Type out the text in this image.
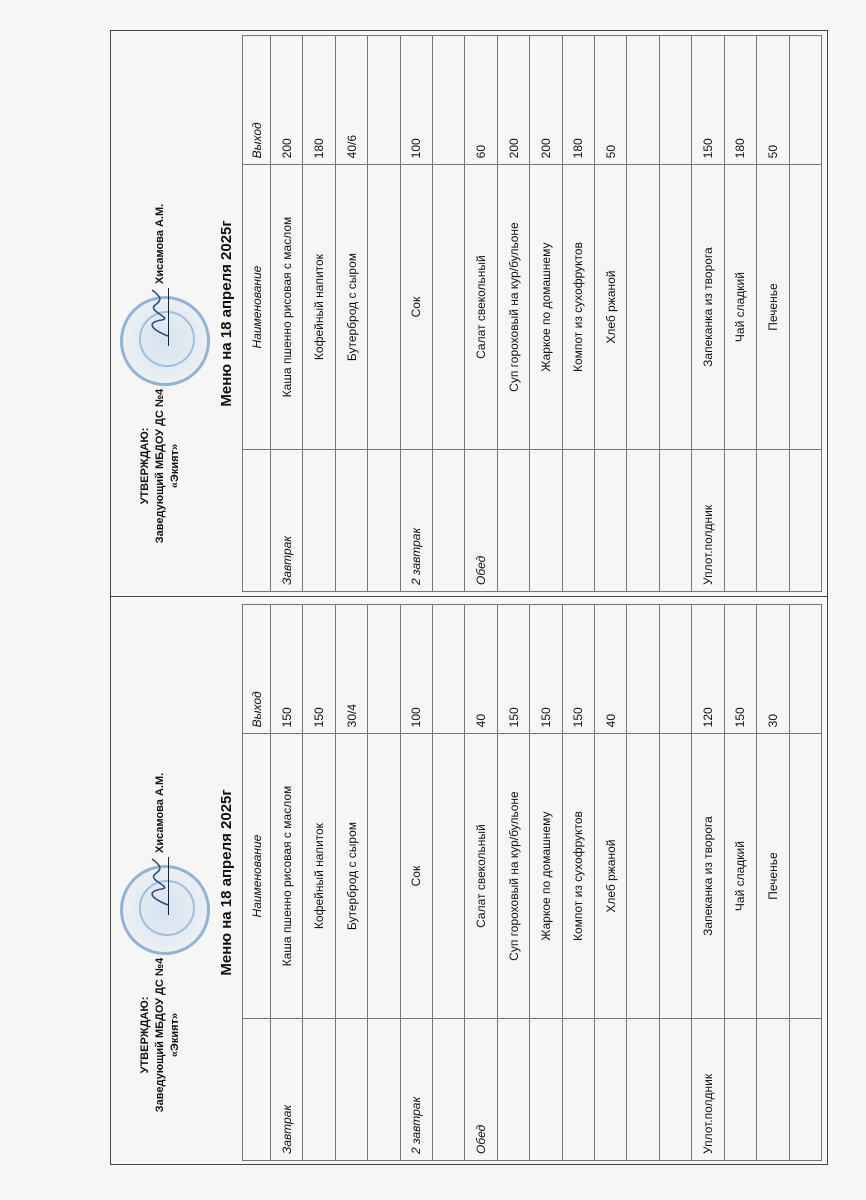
УТВЕРЖДАЮ: Заведующий МБДОУ ДС №4 «Экият»
Хисамова А.М.	Меню на 18 апреля 2025г
	Наименование	Выход
Завтрак	Каша пшенно рисовая с маслом	200
	Кофейный напиток	180
	Бутерброд с сыром	40/6

2 завтрак	Сок	100

Обед	Салат свекольный	60
	Суп гороховый на кур/бульоне	200
	Жаркое по домашнему	200
	Компот из сухофруктов	180
	Хлеб ржаной	50

Уплот.полдник	Запеканка из творога	150
	Чай сладкий	180
	Печенье	50

УТВЕРЖДАЮ: Заведующий МБДОУ ДС №4 «Экият»
Хисамова А.М.	Меню на 18 апреля 2025г
	Наименование	Выход
Завтрак	Каша пшенно рисовая с маслом	150
	Кофейный напиток	150
	Бутерброд с сыром	30/4

2 завтрак	Сок	100

Обед	Салат свекольный	40
	Суп гороховый на кур/бульоне	150
	Жаркое по домашнему	150
	Компот из сухофруктов	150
	Хлеб ржаной	40

Уплот.полдник	Запеканка из творога	120
	Чай сладкий	150
	Печенье	30
